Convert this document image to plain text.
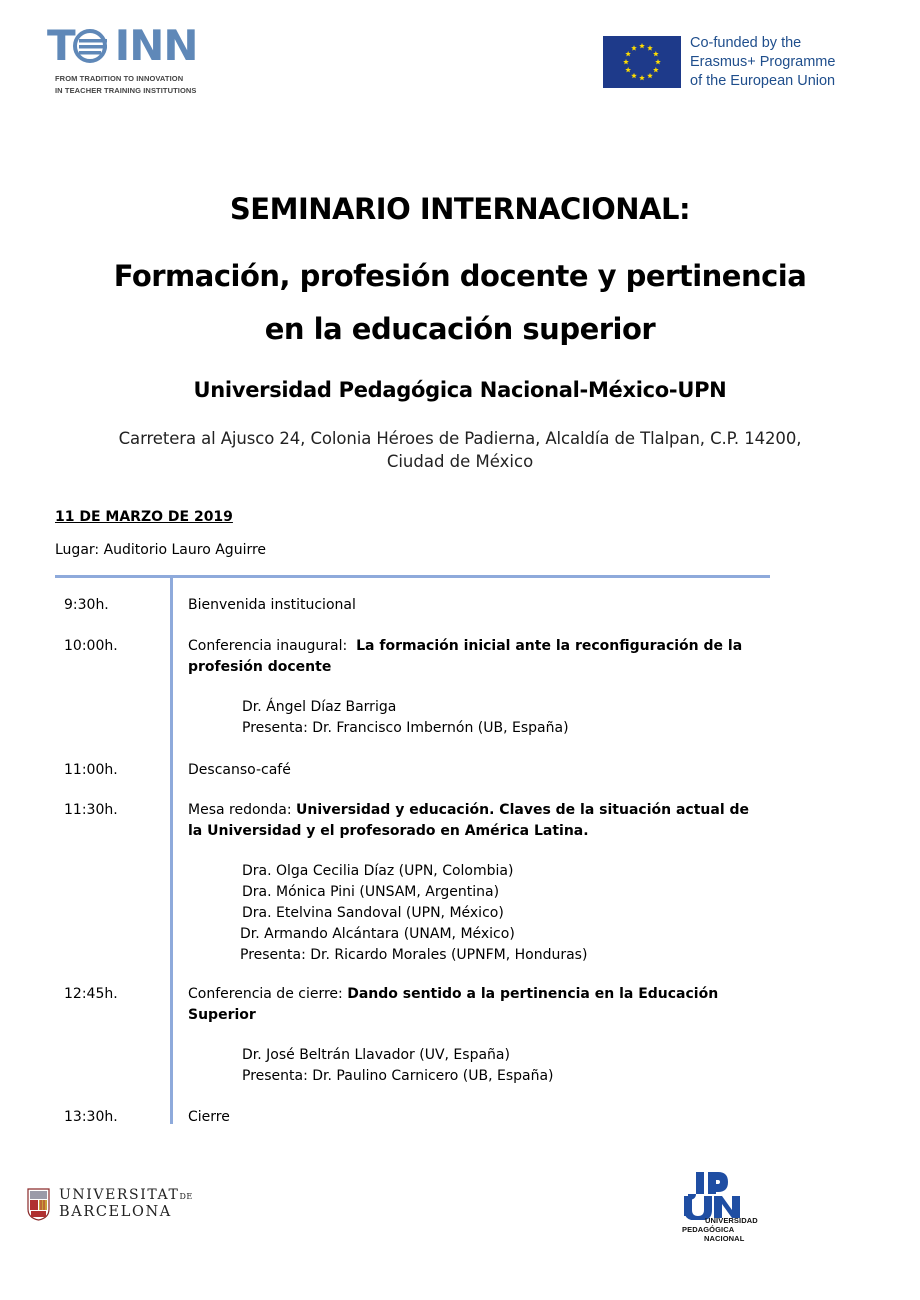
T INN
FROM TRADITION TO INNOVATION
IN TEACHER TRAINING INSTITUTIONS
Co-funded by the
Erasmus+ Programme
of the European Union
SEMINARIO INTERNACIONAL:
Formación, profesión docente y pertinencia
en la educación superior
Universidad Pedagógica Nacional-México-UPN
Carretera al Ajusco 24, Colonia Héroes de Padierna, Alcaldía de Tlalpan, C.P. 14200,
Ciudad de México
11 DE MARZO DE 2019
Lugar: Auditorio Lauro Aguirre
9:30h.	Bienvenida institucional
10:00h.	Conferencia inaugural:  La formación inicial ante la reconfiguración de la
profesión docente
Dr. Ángel Díaz Barriga
Presenta: Dr. Francisco Imbernón (UB, España)
11:00h.	Descanso-café
11:30h.	Mesa redonda: Universidad y educación. Claves de la situación actual de
la Universidad y el profesorado en América Latina.
Dra. Olga Cecilia Díaz (UPN, Colombia)
Dra. Mónica Pini (UNSAM, Argentina)
Dra. Etelvina Sandoval (UPN, México)
Dr. Armando Alcántara (UNAM, México)
Presenta: Dr. Ricardo Morales (UPNFM, Honduras)
12:45h.	Conferencia de cierre: Dando sentido a la pertinencia en la Educación
Superior
Dr. José Beltrán Llavador (UV, España)
Presenta: Dr. Paulino Carnicero (UB, España)
13:30h.	Cierre
UNIVERSITATDE
BARCELONA
UNIVERSIDAD
PEDAGÓGICA
NACIONAL
